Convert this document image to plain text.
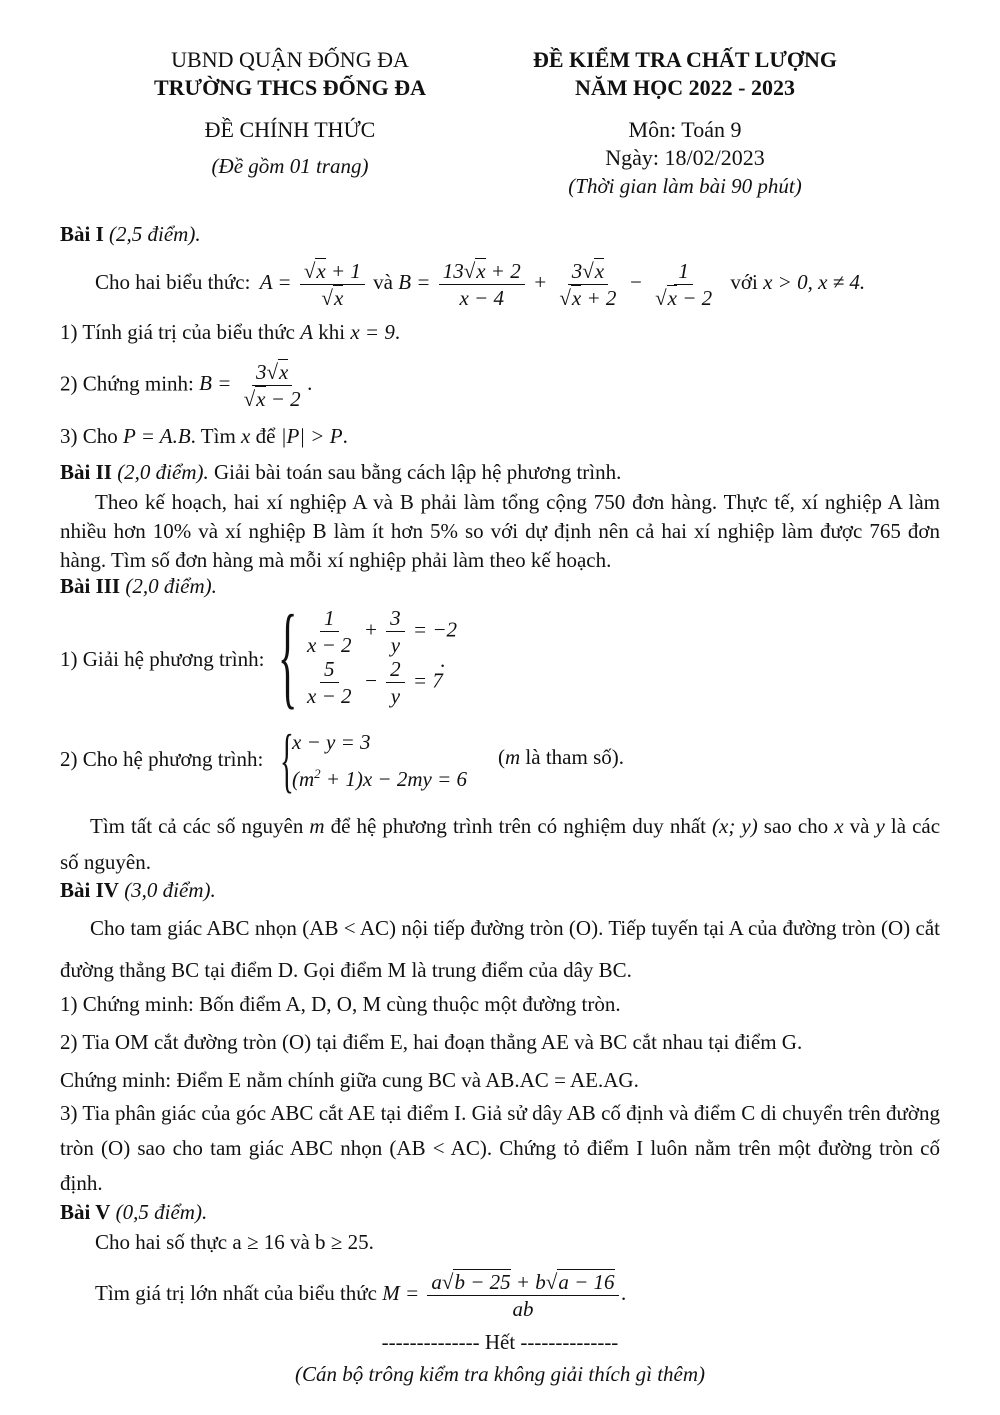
UBND QUẬN ĐỐNG ĐA
TRƯỜNG THCS ĐỐNG ĐA
ĐỀ CHÍNH THỨC
(Đề gồm 01 trang)
ĐỀ KIỂM TRA CHẤT LƯỢNG
NĂM HỌC 2022 - 2023
Môn: Toán 9
Ngày: 18/02/2023
(Thời gian làm bài 90 phút)
Bài I (2,5 điểm).
Cho hai biểu thức: $A = \frac{√x + 1}{√x}$ và $B = \frac{13√x + 2}{x - 4} + \frac{3√x}{√x + 2} - \frac{1}{√x - 2}$ với x > 0, x ≠ 4.
1) Tính giá trị của biểu thức A khi x = 9.
2) Chứng minh: $B = \frac{3√x}{√x - 2}$ .
3) Cho P = A.B. Tìm x để |P| > P.
Bài II (2,0 điểm). Giải bài toán sau bằng cách lập hệ phương trình.
Theo kế hoạch, hai xí nghiệp A và B phải làm tổng cộng 750 đơn hàng. Thực tế, xí nghiệp A làm nhiều hơn 10% và xí nghiệp B làm ít hơn 5% so với dự định nên cả hai xí nghiệp làm được 765 đơn hàng. Tìm số đơn hàng mà mỗi xí nghiệp phải làm theo kế hoạch.
Bài III (2,0 điểm).
1) Giải hệ phương trình: { $\frac{1}{x - 2} + \frac{3}{y} = -2$
$\frac{5}{x - 2} - \frac{2}{y} = 7$
.
2) Cho hệ phương trình: {
x − y = 3
$(m^2 + 1)x - 2my = 6$
(m là tham số).
Tìm tất cả các số nguyên m để hệ phương trình trên có nghiệm duy nhất (x; y) sao cho x và y là các số nguyên.
Bài IV (3,0 điểm).
Cho tam giác ABC nhọn (AB < AC) nội tiếp đường tròn (O). Tiếp tuyến tại A của đường tròn (O) cắt đường thẳng BC tại điểm D. Gọi điểm M là trung điểm của dây BC.
1) Chứng minh: Bốn điểm A, D, O, M cùng thuộc một đường tròn.
2) Tia OM cắt đường tròn (O) tại điểm E, hai đoạn thẳng AE và BC cắt nhau tại điểm G.
Chứng minh: Điểm E nằm chính giữa cung BC và AB.AC = AE.AG.
3) Tia phân giác của góc ABC cắt AE tại điểm I. Giả sử dây AB cố định và điểm C di chuyển trên đường tròn (O) sao cho tam giác ABC nhọn (AB < AC). Chứng tỏ điểm I luôn nằm trên một đường tròn cố định.
Bài V (0,5 điểm).
Cho hai số thực a ≥ 16 và b ≥ 25.
Tìm giá trị lớn nhất của biểu thức $M = \frac{a√b - 25 + b√a - 16}{ab}$ .
-------------- Hết --------------
(Cán bộ trông kiểm tra không giải thích gì thêm)
